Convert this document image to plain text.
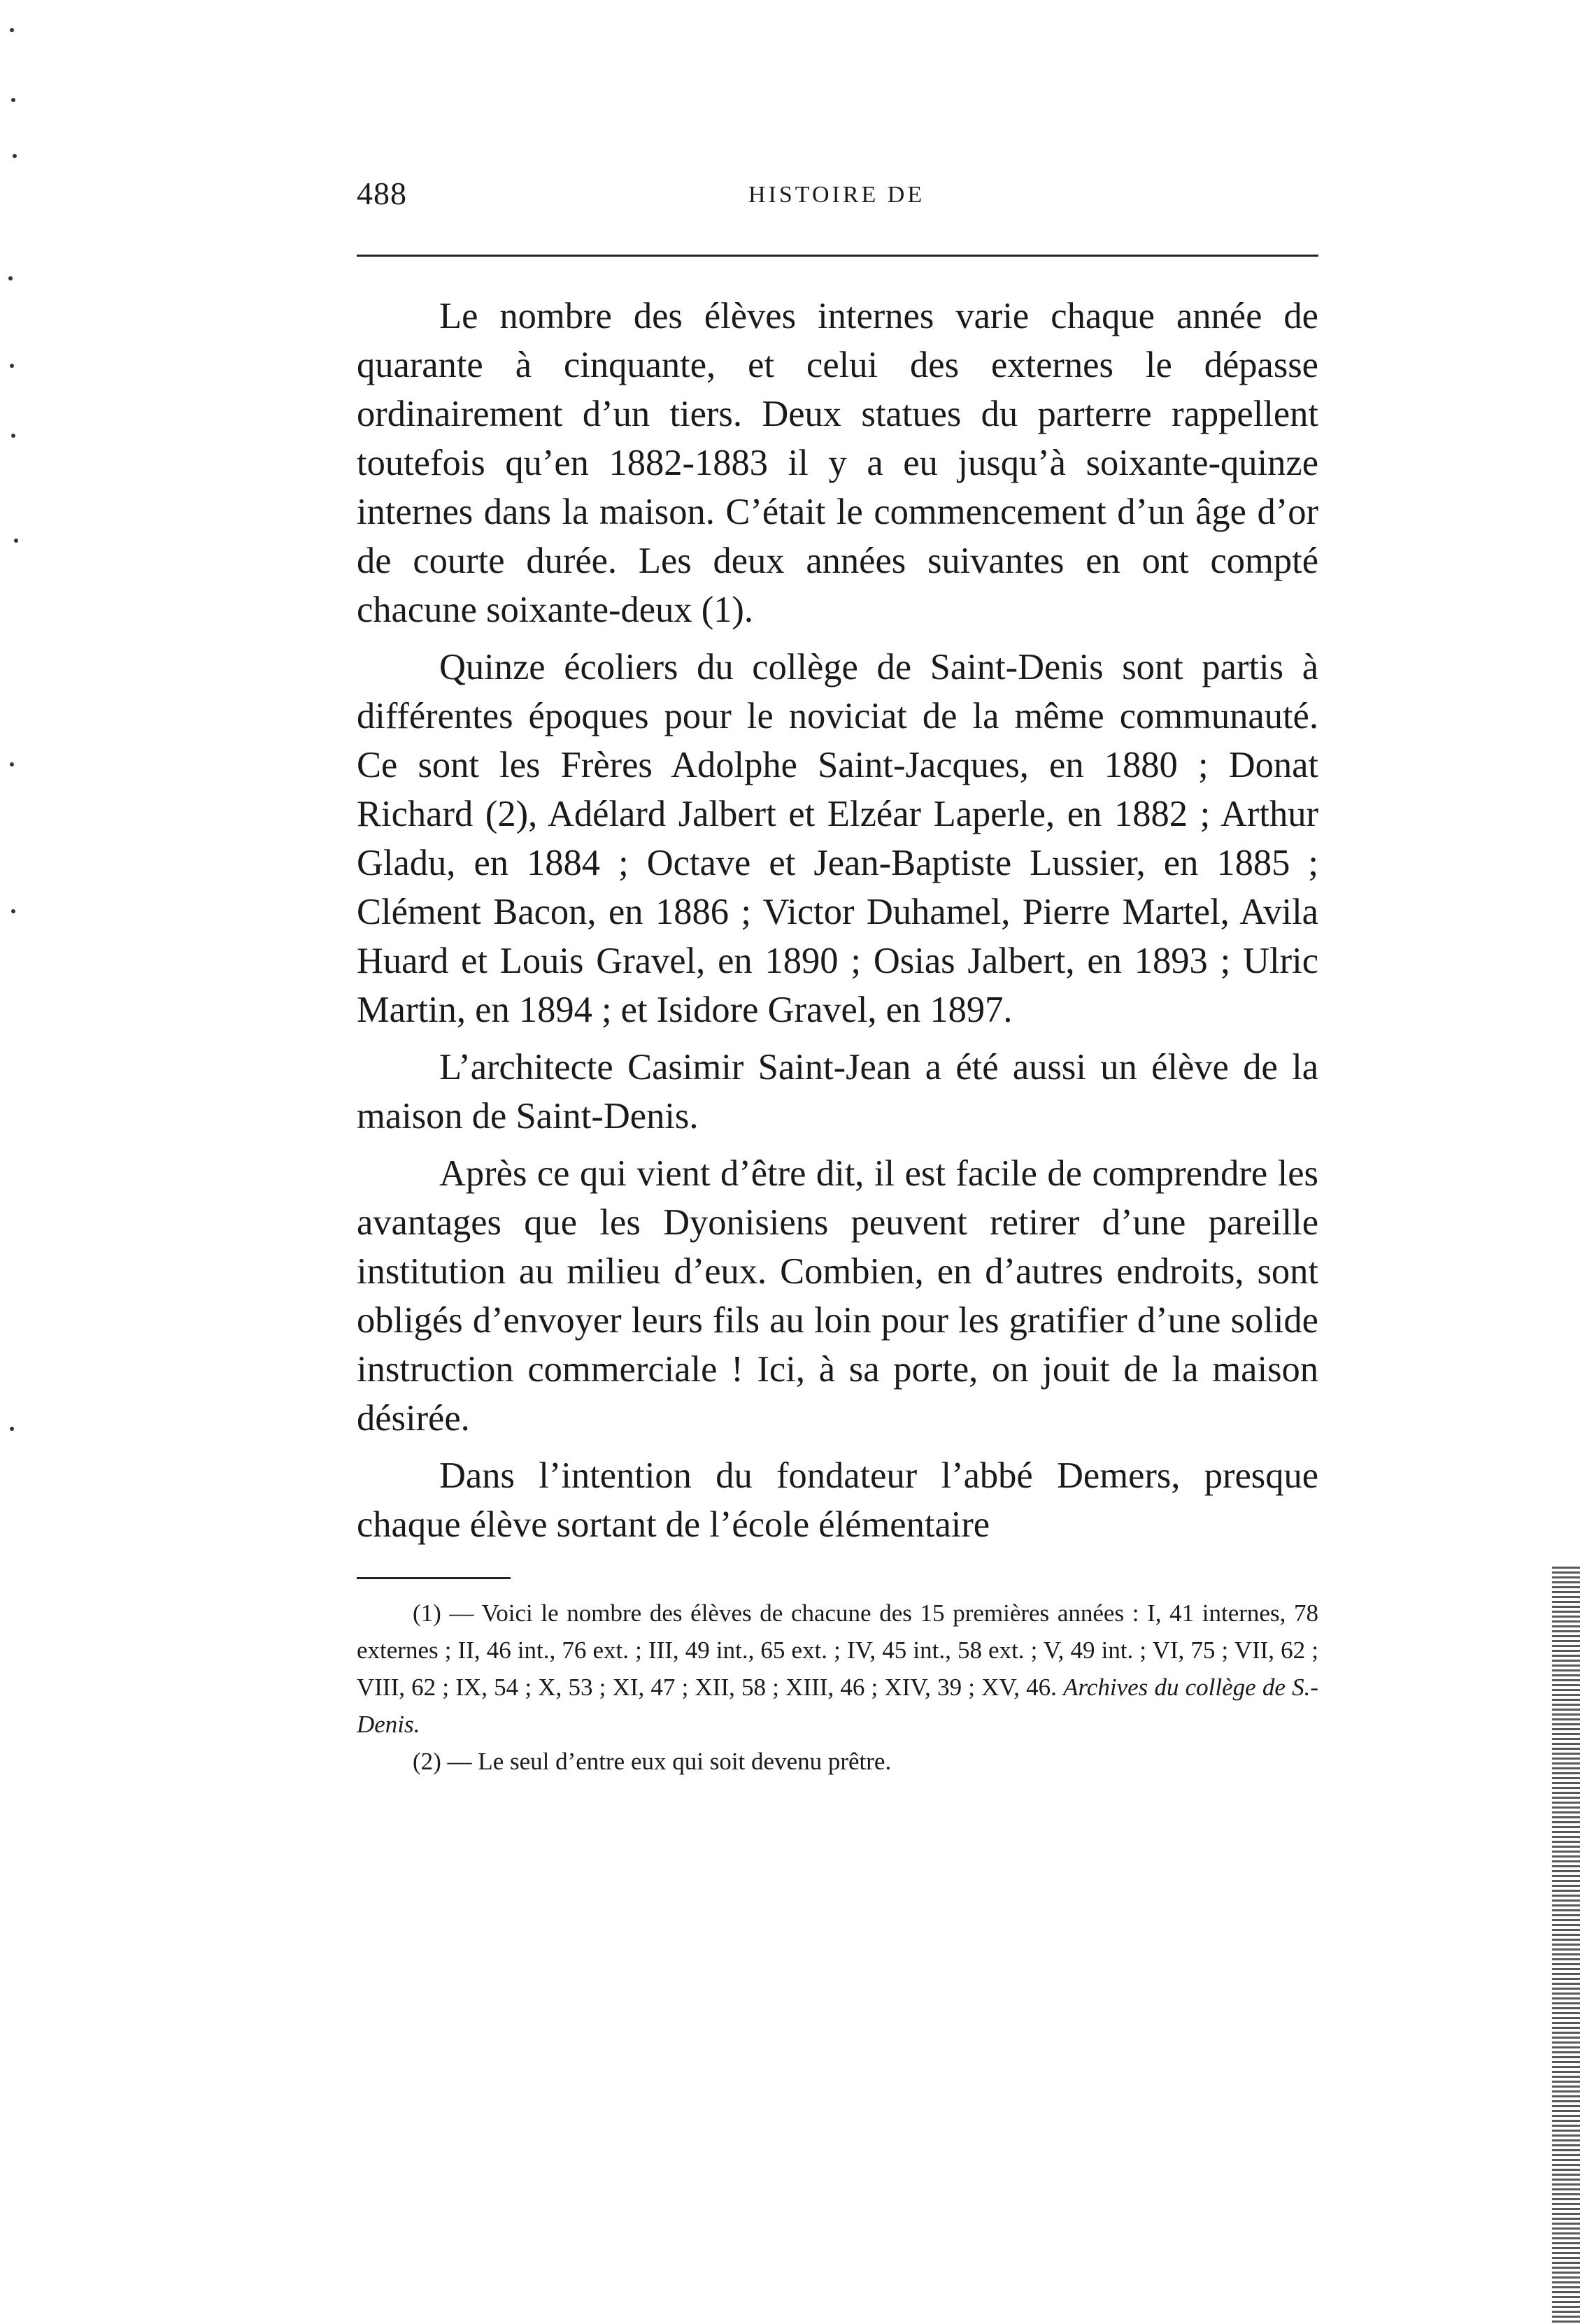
488	HISTOIRE DE

Le nombre des élèves internes varie chaque année de quarante à cinquante, et celui des externes le dépasse ordinairement d’un tiers. Deux statues du parterre rappellent toutefois qu’en 1882-1883 il y a eu jusqu’à soixante-quinze internes dans la maison. C’était le commencement d’un âge d’or de courte durée. Les deux années suivantes en ont compté chacune soixante-deux (1).

Quinze écoliers du collège de Saint-Denis sont partis à différentes époques pour le noviciat de la même communauté. Ce sont les Frères Adolphe Saint-Jacques, en 1880 ; Donat Richard (2), Adélard Jalbert et Elzéar Laperle, en 1882 ; Arthur Gladu, en 1884 ; Octave et Jean-Baptiste Lussier, en 1885 ; Clément Bacon, en 1886 ; Victor Duhamel, Pierre Martel, Avila Huard et Louis Gravel, en 1890 ; Osias Jalbert, en 1893 ; Ulric Martin, en 1894 ; et Isidore Gravel, en 1897.

L’architecte Casimir Saint-Jean a été aussi un élève de la maison de Saint-Denis.

Après ce qui vient d’être dit, il est facile de comprendre les avantages que les Dyonisiens peuvent retirer d’une pareille institution au milieu d’eux. Combien, en d’autres endroits, sont obligés d’envoyer leurs fils au loin pour les gratifier d’une solide instruction commerciale ! Ici, à sa porte, on jouit de la maison désirée.

Dans l’intention du fondateur l’abbé Demers, presque chaque élève sortant de l’école élémentaire

(1) — Voici le nombre des élèves de chacune des 15 premières années : I, 41 internes, 78 externes ; II, 46 int., 76 ext. ; III, 49 int., 65 ext. ; IV, 45 int., 58 ext. ; V, 49 int. ; VI, 75 ; VII, 62 ; VIII, 62 ; IX, 54 ; X, 53 ; XI, 47 ; XII, 58 ; XIII, 46 ; XIV, 39 ; XV, 46. Archives du collège de S.-Denis.

(2) — Le seul d’entre eux qui soit devenu prêtre.
